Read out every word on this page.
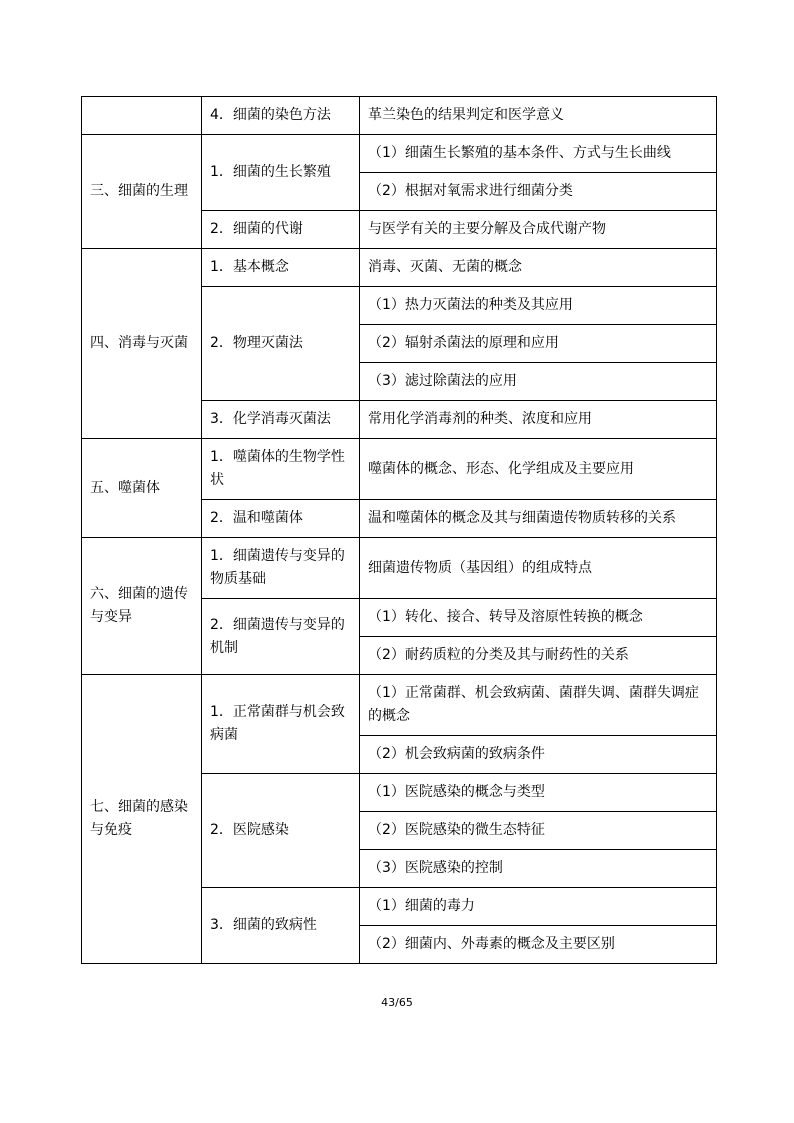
	4．细菌的染色方法	革兰染色的结果判定和医学意义
三、细菌的生理	1．细菌的生长繁殖	（1）细菌生长繁殖的基本条件、方式与生长曲线
		（2）根据对氧需求进行细菌分类
	2．细菌的代谢	与医学有关的主要分解及合成代谢产物
四、消毒与灭菌	1．基本概念	消毒、灭菌、无菌的概念
	2．物理灭菌法	（1）热力灭菌法的种类及其应用
		（2）辐射杀菌法的原理和应用
		（3）滤过除菌法的应用
	3．化学消毒灭菌法	常用化学消毒剂的种类、浓度和应用
五、噬菌体	1．噬菌体的生物学性状	噬菌体的概念、形态、化学组成及主要应用
	2．温和噬菌体	温和噬菌体的概念及其与细菌遗传物质转移的关系
六、细菌的遗传与变异	1．细菌遗传与变异的物质基础	细菌遗传物质（基因组）的组成特点
	2．细菌遗传与变异的机制	（1）转化、接合、转导及溶原性转换的概念
		（2）耐药质粒的分类及其与耐药性的关系
七、细菌的感染与免疫	1．正常菌群与机会致病菌	（1）正常菌群、机会致病菌、菌群失调、菌群失调症的概念
		（2）机会致病菌的致病条件
	2．医院感染	（1）医院感染的概念与类型
		（2）医院感染的微生态特征
		（3）医院感染的控制
	3．细菌的致病性	（1）细菌的毒力
		（2）细菌内、外毒素的概念及主要区别
43/65
